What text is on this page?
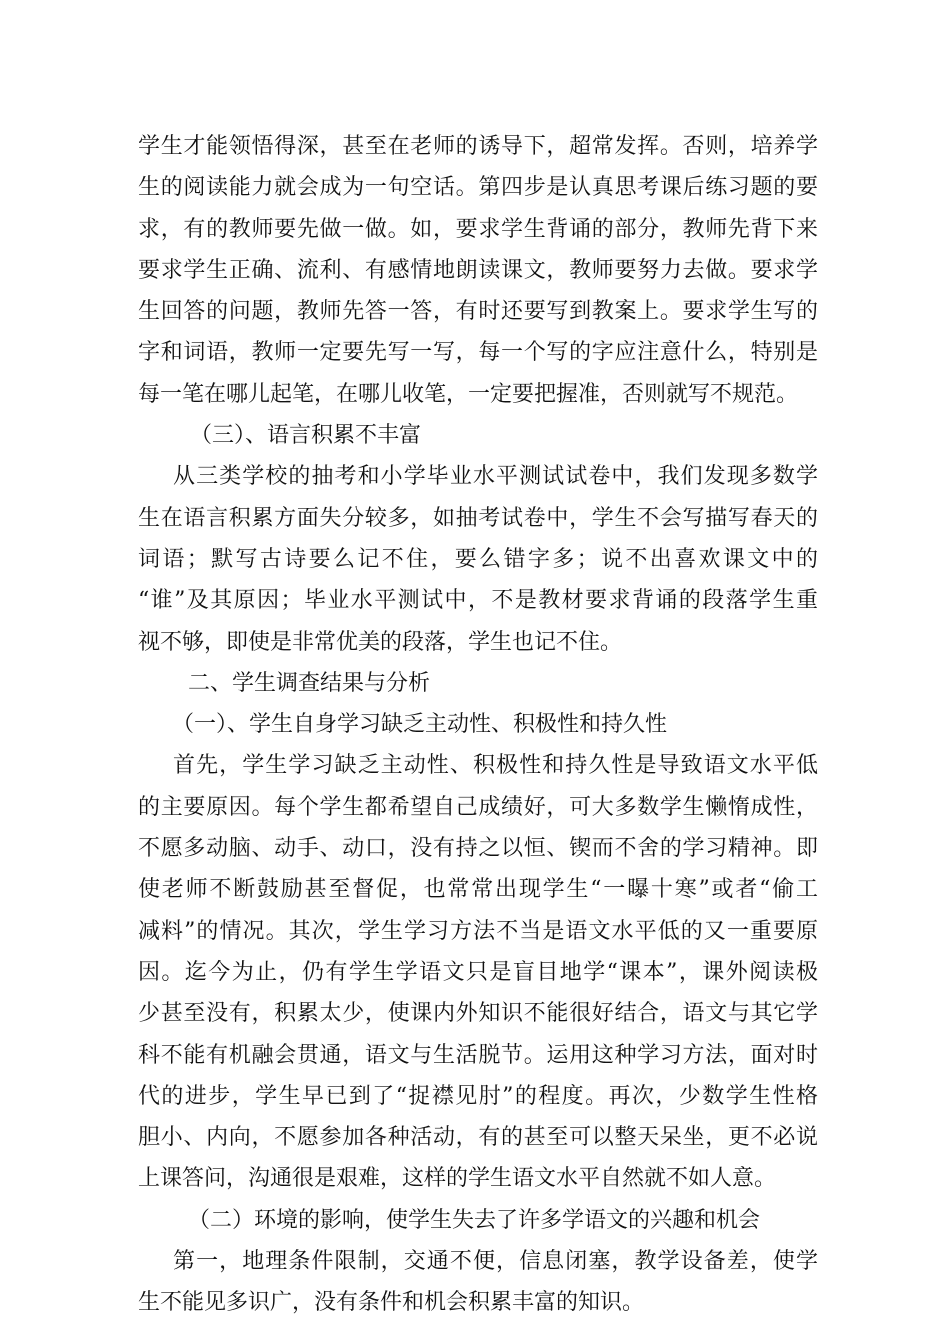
学生才能领悟得深，甚至在老师的诱导下，超常发挥。否则，培养学
生的阅读能力就会成为一句空话。第四步是认真思考课后练习题的要
求，有的教师要先做一做。如，要求学生背诵的部分，教师先背下来
要求学生正确、流利、有感情地朗读课文，教师要努力去做。要求学
生回答的问题，教师先答一答，有时还要写到教案上。要求学生写的
字和词语，教师一定要先写一写，每一个写的字应注意什么，特别是
每一笔在哪儿起笔，在哪儿收笔，一定要把握准，否则就写不规范。
（三）、语言积累不丰富
从三类学校的抽考和小学毕业水平测试试卷中，我们发现多数学
生在语言积累方面失分较多，如抽考试卷中，学生不会写描写春天的
词语；默写古诗要么记不住，要么错字多；说不出喜欢课文中的
“谁”及其原因；毕业水平测试中，不是教材要求背诵的段落学生重
视不够，即使是非常优美的段落，学生也记不住。
二、学生调查结果与分析
（一）、学生自身学习缺乏主动性、积极性和持久性
首先，学生学习缺乏主动性、积极性和持久性是导致语文水平低
的主要原因。每个学生都希望自己成绩好，可大多数学生懒惰成性，
不愿多动脑、动手、动口，没有持之以恒、锲而不舍的学习精神。即
使老师不断鼓励甚至督促，也常常出现学生“一曝十寒”或者“偷工
减料”的情况。其次，学生学习方法不当是语文水平低的又一重要原
因。迄今为止，仍有学生学语文只是盲目地学“课本”，课外阅读极
少甚至没有，积累太少，使课内外知识不能很好结合，语文与其它学
科不能有机融会贯通，语文与生活脱节。运用这种学习方法，面对时
代的进步，学生早已到了“捉襟见肘”的程度。再次，少数学生性格
胆小、内向，不愿参加各种活动，有的甚至可以整天呆坐，更不必说
上课答问，沟通很是艰难，这样的学生语文水平自然就不如人意。
（二）环境的影响，使学生失去了许多学语文的兴趣和机会
第一，地理条件限制，交通不便，信息闭塞，教学设备差，使学
生不能见多识广，没有条件和机会积累丰富的知识。
